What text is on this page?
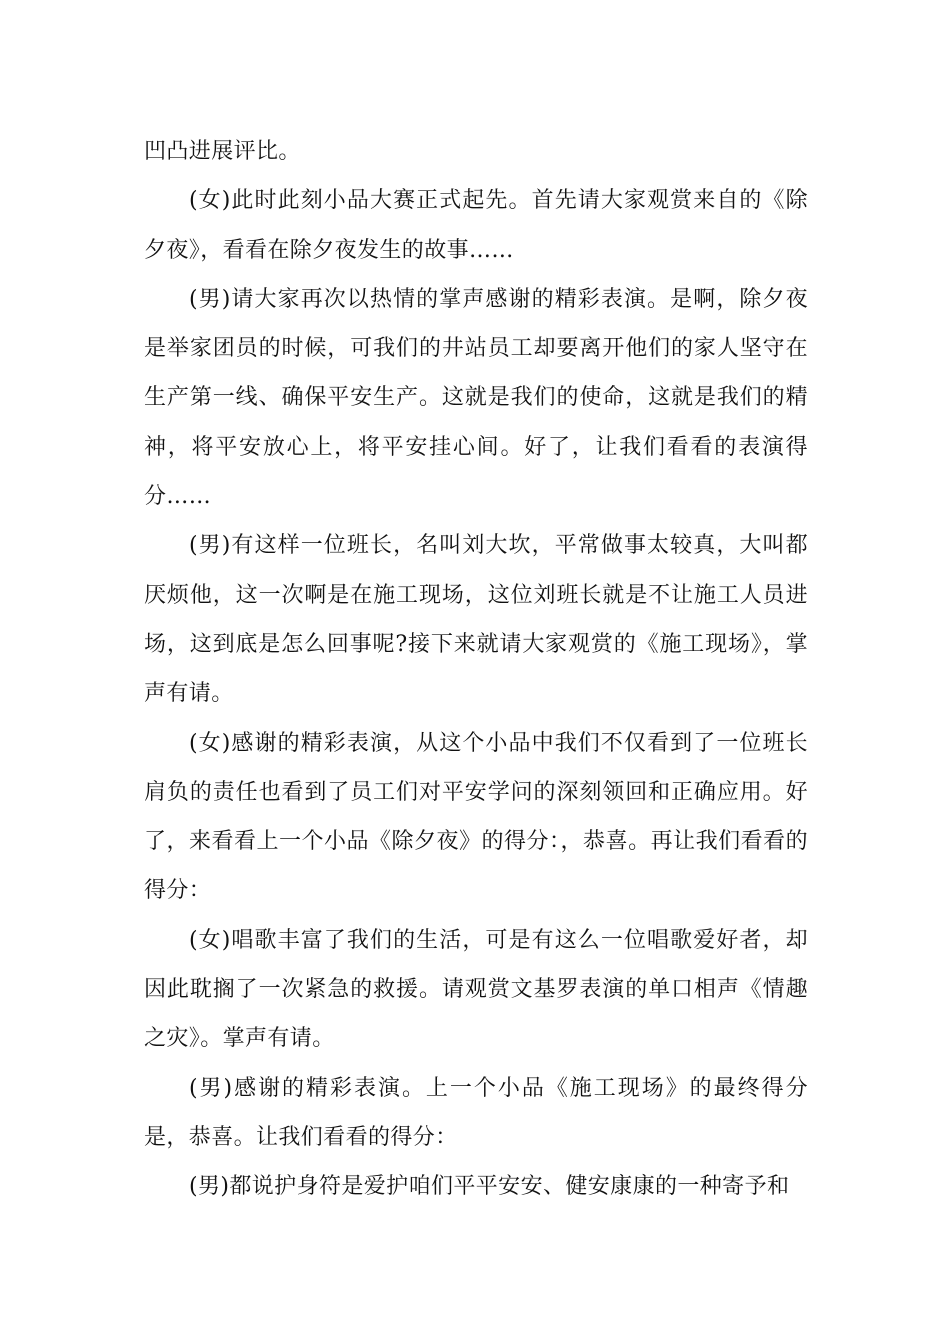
凹凸进展评比。

(女)此时此刻小品大赛正式起先。首先请大家观赏来自的《除夕夜》，看看在除夕夜发生的故事……

(男)请大家再次以热情的掌声感谢的精彩表演。是啊，除夕夜是举家团员的时候，可我们的井站员工却要离开他们的家人坚守在生产第一线、确保平安生产。这就是我们的使命，这就是我们的精神，将平安放心上，将平安挂心间。好了，让我们看看的表演得分……

(男)有这样一位班长，名叫刘大坎，平常做事太较真，大叫都厌烦他，这一次啊是在施工现场，这位刘班长就是不让施工人员进场，这到底是怎么回事呢?接下来就请大家观赏的《施工现场》，掌声有请。

(女)感谢的精彩表演，从这个小品中我们不仅看到了一位班长肩负的责任也看到了员工们对平安学问的深刻领回和正确应用。好了，来看看上一个小品《除夕夜》的得分：，恭喜。再让我们看看的得分：

(女)唱歌丰富了我们的生活，可是有这么一位唱歌爱好者，却因此耽搁了一次紧急的救援。请观赏文基罗表演的单口相声《情趣之灾》。掌声有请。

(男)感谢的精彩表演。上一个小品《施工现场》的最终得分是，恭喜。让我们看看的得分：

(男)都说护身符是爱护咱们平平安安、健安康康的一种寄予和
